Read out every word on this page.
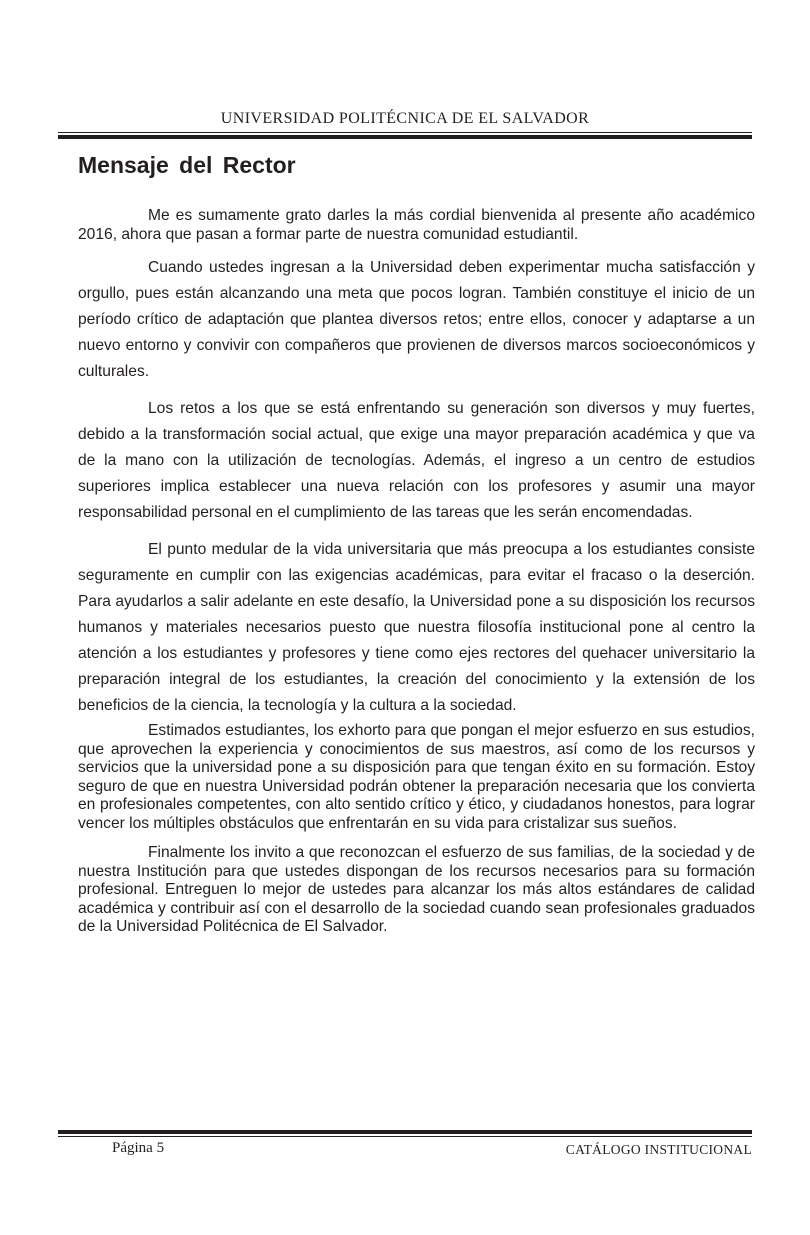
UNIVERSIDAD POLITÉCNICA DE EL SALVADOR
Mensaje del Rector

Me es sumamente grato darles la más cordial bienvenida al presente año académico 2016, ahora que pasan a formar parte de nuestra comunidad estudiantil.

Cuando ustedes ingresan a la Universidad deben experimentar mucha satisfacción y orgullo, pues están alcanzando una meta que pocos logran. También constituye el inicio de un período crítico de adaptación que plantea diversos retos; entre ellos, conocer y adaptarse a un nuevo entorno y convivir con compañeros que provienen de diversos marcos socioeconómicos y culturales.

Los retos a los que se está enfrentando su generación son diversos y muy fuertes, debido a la transformación social actual, que exige una mayor preparación académica y que va de la mano con la utilización de tecnologías. Además, el ingreso a un centro de estudios superiores implica establecer una nueva relación con los profesores y asumir una mayor responsabilidad personal en el cumplimiento de las tareas que les serán encomendadas.

El punto medular de la vida universitaria que más preocupa a los estudiantes consiste seguramente en cumplir con las exigencias académicas, para evitar el fracaso o la deserción. Para ayudarlos a salir adelante en este desafío, la Universidad pone a su disposición los recursos humanos y materiales necesarios puesto que nuestra filosofía institucional pone al centro la atención a los estudiantes y profesores y tiene como ejes rectores del quehacer universitario la preparación integral de los estudiantes, la creación del conocimiento y la extensión de los beneficios de la ciencia, la tecnología y la cultura a la sociedad.

Estimados estudiantes, los exhorto para que pongan el mejor esfuerzo en sus estudios, que aprovechen la experiencia y conocimientos de sus maestros, así como de los recursos y servicios que la universidad pone a su disposición para que tengan éxito en su formación. Estoy seguro de que en nuestra Universidad podrán obtener la preparación necesaria que los convierta en profesionales competentes, con alto sentido crítico y ético, y ciudadanos honestos, para lograr vencer los múltiples obstáculos que enfrentarán en su vida para cristalizar sus sueños.

Finalmente los invito a que reconozcan el esfuerzo de sus familias, de la sociedad y de nuestra Institución para que ustedes dispongan de los recursos necesarios para su formación profesional. Entreguen lo mejor de ustedes para alcanzar los más altos estándares de calidad académica y contribuir así con el desarrollo de la sociedad cuando sean profesionales graduados de la Universidad Politécnica de El Salvador.

Página 5	CATÁLOGO INSTITUCIONAL
